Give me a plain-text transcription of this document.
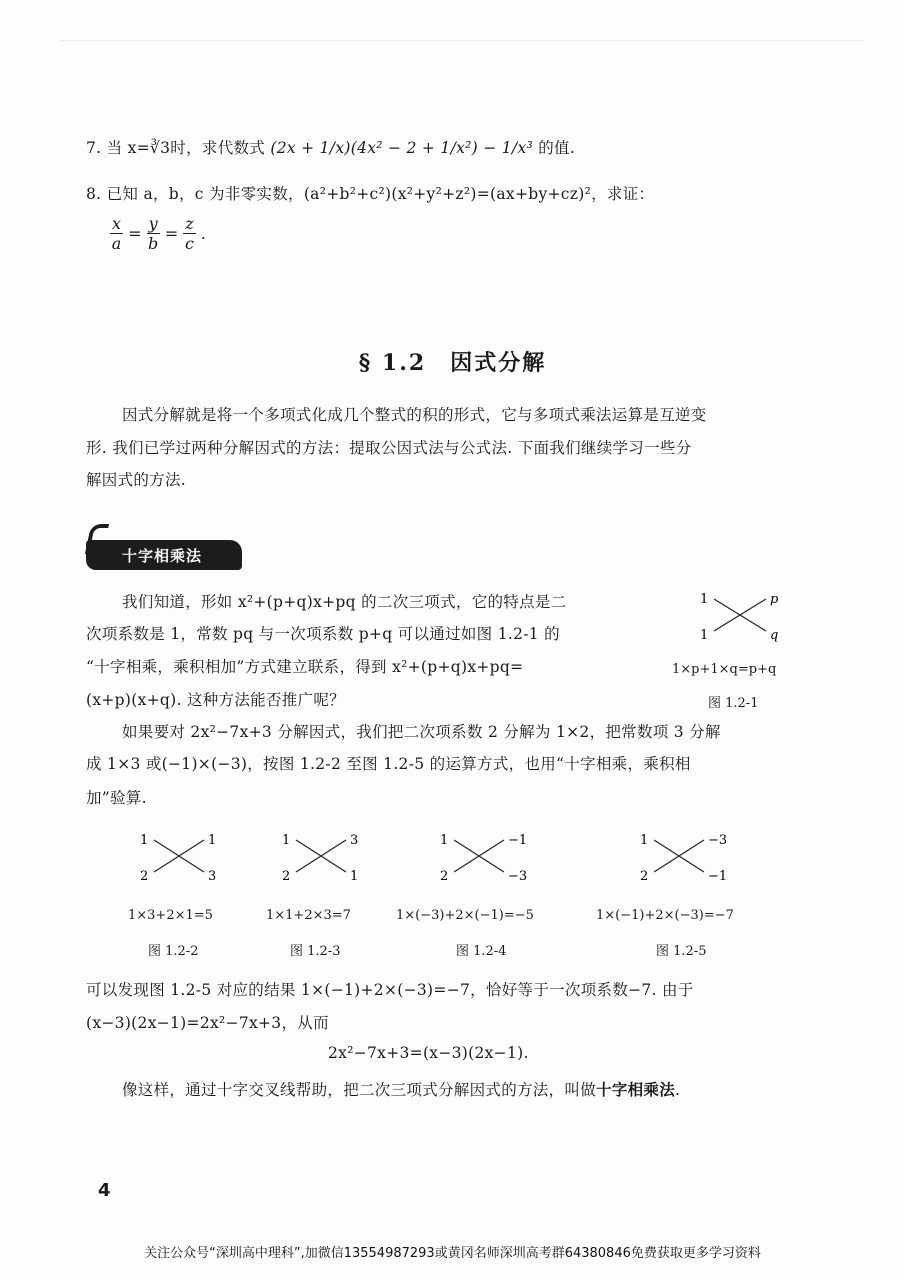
7. 当 x=∛3时，求代数式 (2x + 1/x)(4x² − 2 + 1/x²) − 1/x³ 的值.
8. 已知 a，b，c 为非零实数，(a²+b²+c²)(x²+y²+z²)=(ax+by+cz)²，求证：
$\frac{x}{a} = \frac{y}{b} = \frac{z}{c}$ .
§ 1.2　因式分解
因式分解就是将一个多项式化成几个整式的积的形式，它与多项式乘法运算是互逆变
形. 我们已学过两种分解因式的方法：提取公因式法与公式法. 下面我们继续学习一些分
解因式的方法.
十字相乘法
我们知道，形如 x²+(p+q)x+pq 的二次三项式，它的特点是二
次项系数是 1，常数 pq 与一次项系数 p+q 可以通过如图 1.2-1 的
“十字相乘，乘积相加”方式建立联系，得到 x²+(p+q)x+pq=
(x+p)(x+q). 这种方法能否推广呢？
1	p
1	q
1×p+1×q=p+q
图 1.2-1
如果要对 2x²−7x+3 分解因式，我们把二次项系数 2 分解为 1×2，把常数项 3 分解
成 1×3 或(−1)×(−3)，按图 1.2-2 至图 1.2-5 的运算方式，也用“十字相乘，乘积相
加”验算.
1	1
2	3
1×3+2×1=5
图 1.2-2
1	3
2	1
1×1+2×3=7
图 1.2-3
1	−1
2	−3
1×(−3)+2×(−1)=−5
图 1.2-4
1	−3
2	−1
1×(−1)+2×(−3)=−7
图 1.2-5
可以发现图 1.2-5 对应的结果 1×(−1)+2×(−3)=−7，恰好等于一次项系数−7. 由于
(x−3)(2x−1)=2x²−7x+3，从而
2x²−7x+3=(x−3)(2x−1).
像这样，通过十字交叉线帮助，把二次三项式分解因式的方法，叫做十字相乘法.
4
关注公众号“深圳高中理科”,加微信13554987293或黄冈名师深圳高考群64380846免费获取更多学习资料
